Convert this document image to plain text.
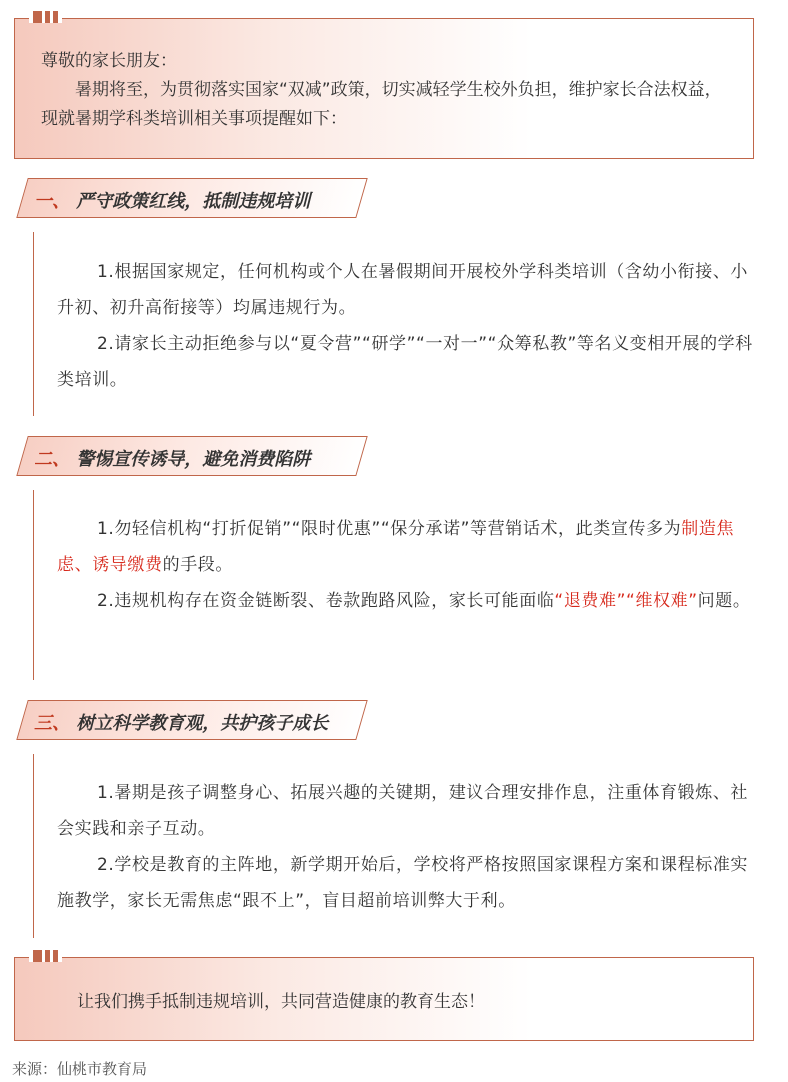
尊敬的家长朋友：

暑期将至，为贯彻落实国家“双减”政策，切实减轻学生校外负担，维护家长合法权益，现就暑期学科类培训相关事项提醒如下：

一、 严守政策红线，抵制违规培训

1.根据国家规定，任何机构或个人在暑假期间开展校外学科类培训（含幼小衔接、小升初、初升高衔接等）均属违规行为。

2.请家长主动拒绝参与以“夏令营”“研学”“一对一”“众筹私教”等名义变相开展的学科类培训。

二、 警惕宣传诱导，避免消费陷阱

1.勿轻信机构“打折促销”“限时优惠”“保分承诺”等营销话术，此类宣传多为制造焦虑、诱导缴费的手段。

2.违规机构存在资金链断裂、卷款跑路风险，家长可能面临“退费难”“维权难”问题。

三、 树立科学教育观，共护孩子成长

1.暑期是孩子调整身心、拓展兴趣的关键期，建议合理安排作息，注重体育锻炼、社会实践和亲子互动。

2.学校是教育的主阵地，新学期开始后，学校将严格按照国家课程方案和课程标准实施教学，家长无需焦虑“跟不上”，盲目超前培训弊大于利。

让我们携手抵制违规培训，共同营造健康的教育生态！

来源：仙桃市教育局
